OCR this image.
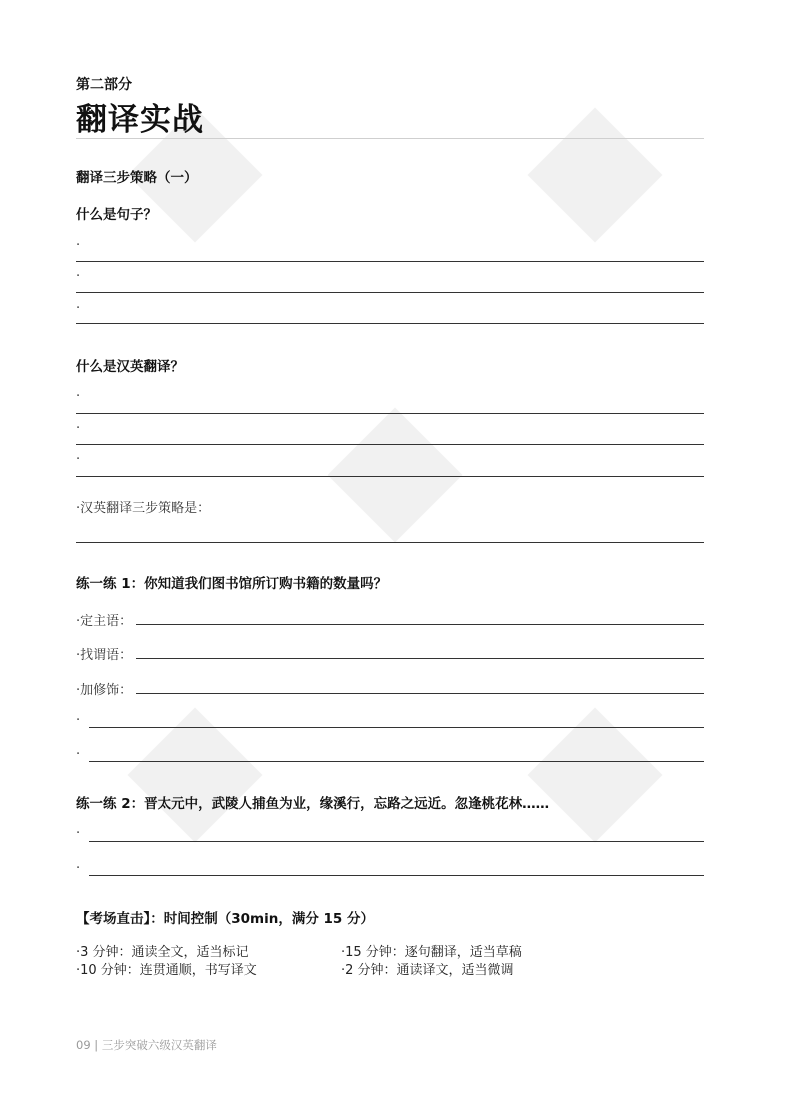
第二部分
翻译实战
翻译三步策略（一）
什么是句子？
·
·
·
什么是汉英翻译？
·
·
·
·汉英翻译三步策略是：
练一练 1：你知道我们图书馆所订购书籍的数量吗？
·定主语：
·找谓语：
·加修饰：
·
·
练一练 2：晋太元中，武陵人捕鱼为业，缘溪行，忘路之远近。忽逢桃花林……
·
·
【考场直击】：时间控制（30min，满分 15 分）
·3 分钟：通读全文，适当标记	·15 分钟：逐句翻译，适当草稿
·10 分钟：连贯通顺，书写译文	·2 分钟：通读译文，适当微调
09 | 三步突破六级汉英翻译
